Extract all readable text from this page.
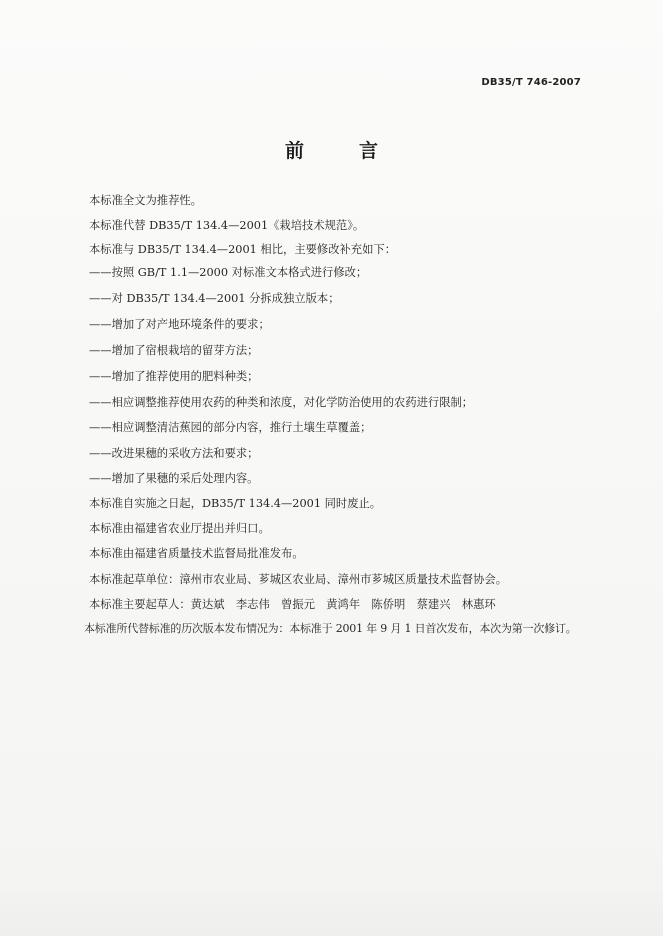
DB35/T 746-2007
前　言
本标准全文为推荐性。
本标准代替 DB35/T 134.4—2001《栽培技术规范》。
本标准与 DB35/T 134.4—2001 相比，主要修改补充如下：
——按照 GB/T 1.1—2000 对标准文本格式进行修改；
——对 DB35/T 134.4—2001 分拆成独立版本；
——增加了对产地环境条件的要求；
——增加了宿根栽培的留芽方法；
——增加了推荐使用的肥料种类；
——相应调整推荐使用农药的种类和浓度，对化学防治使用的农药进行限制；
——相应调整清洁蕉园的部分内容，推行土壤生草覆盖；
——改进果穗的采收方法和要求；
——增加了果穗的采后处理内容。
本标准自实施之日起，DB35/T 134.4—2001 同时废止。
本标准由福建省农业厅提出并归口。
本标准由福建省质量技术监督局批准发布。
本标准起草单位：漳州市农业局、芗城区农业局、漳州市芗城区质量技术监督协会。
本标准主要起草人：黄达斌　李志伟　曾振元　黄鸿年　陈侨明　蔡建兴　林惠环
本标准所代替标准的历次版本发布情况为：本标准于 2001 年 9 月 1 日首次发布，本次为第一次修订。
